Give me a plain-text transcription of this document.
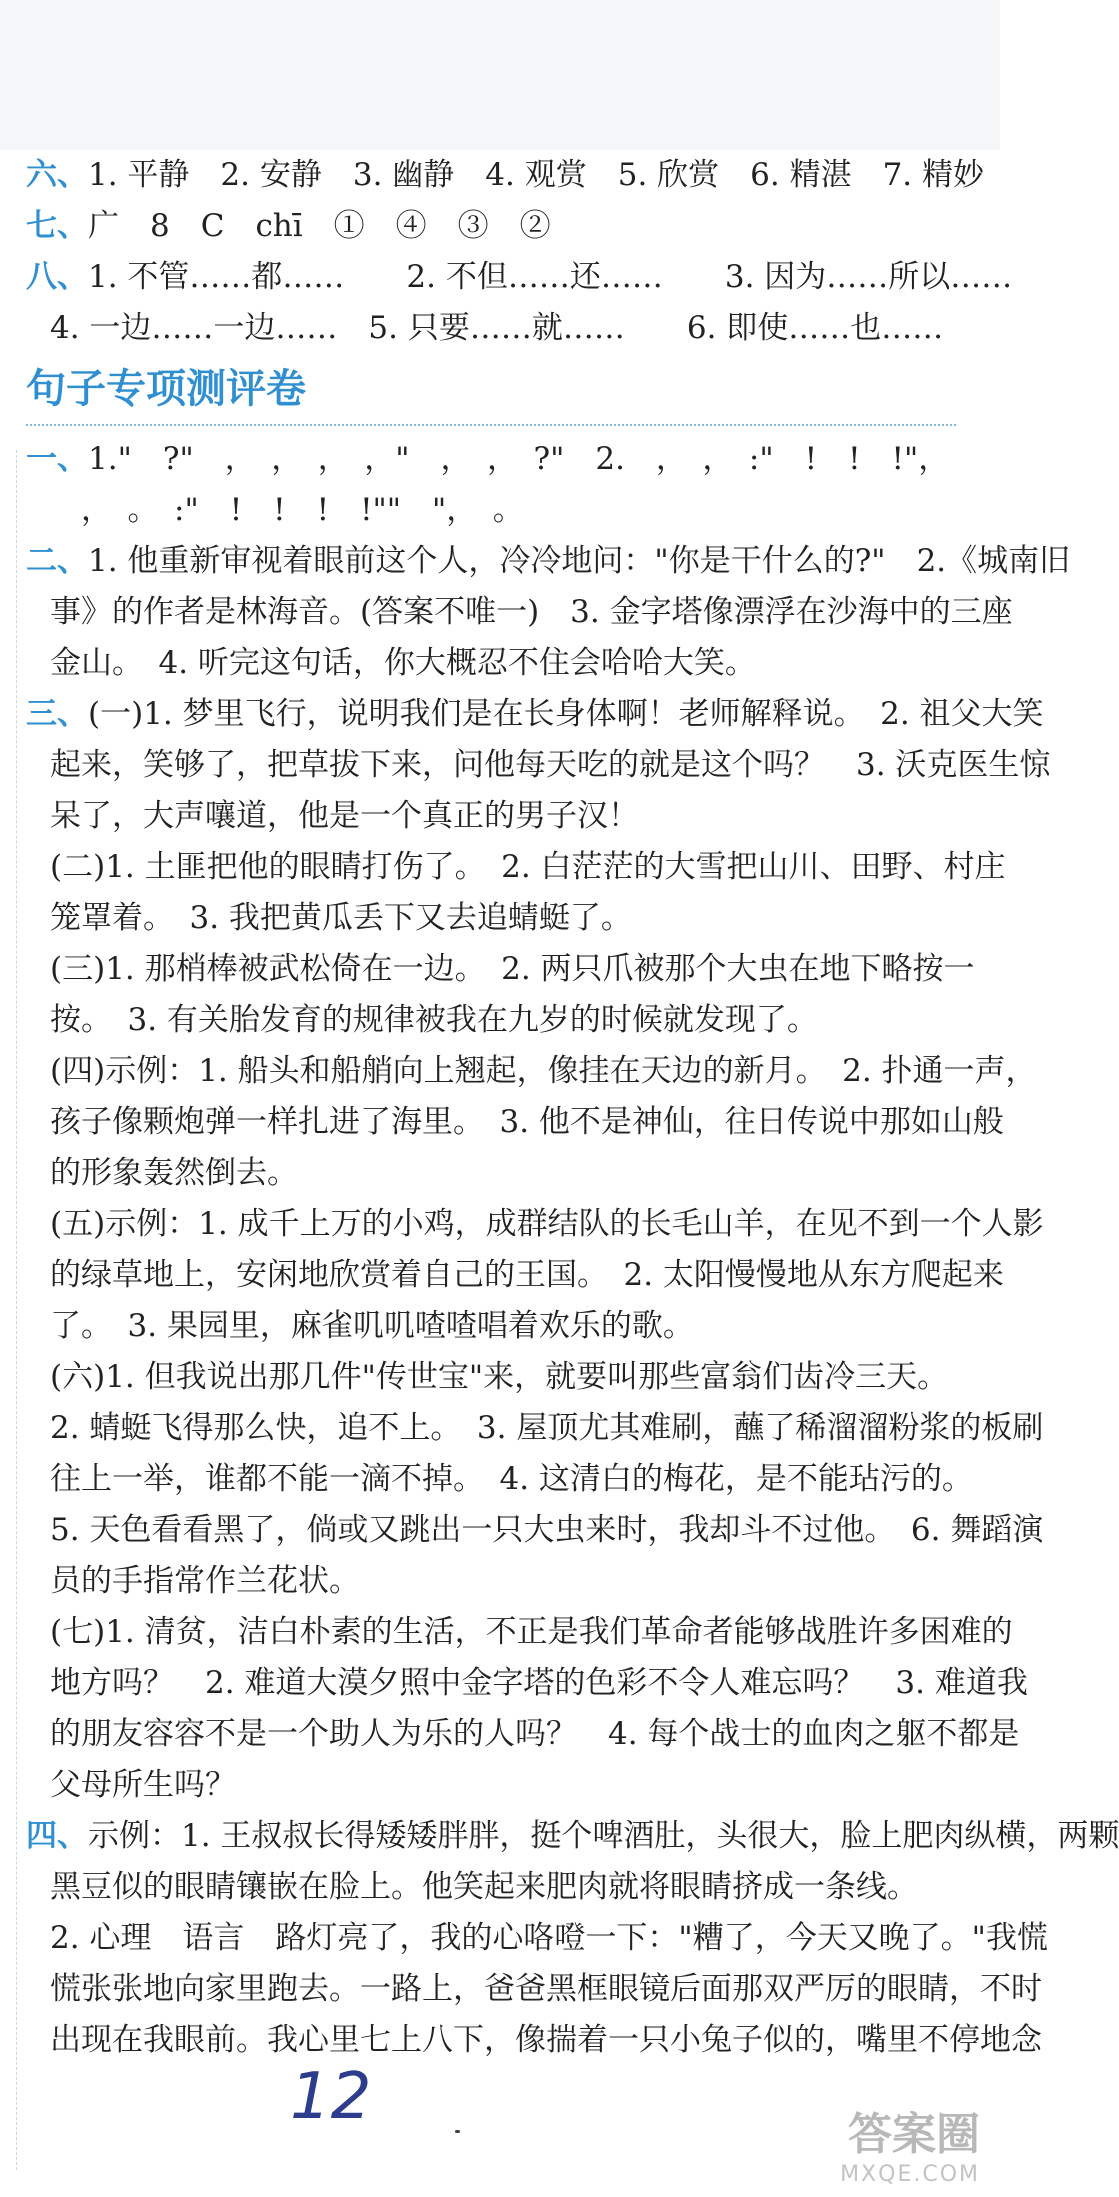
六、1. 平静　2. 安静　3. 幽静　4. 观赏　5. 欣赏　6. 精湛　7. 精妙
七、广　8　C　chī　①　④　③　②
八、1. 不管……都……　　2. 不但……还……　　3. 因为……所以……
4. 一边……一边……　5. 只要……就……　　6. 即使……也……
句子专项测评卷
一、1."　?"　，　，　，　，"　，　，　?"　2.　，　，　:"　!　!　!"，
　，　。　:"　!　!　!　!""　"，　。
二、1. 他重新审视着眼前这个人，冷冷地问："你是干什么的?"　2.《城南旧
事》的作者是林海音。(答案不唯一)　3. 金字塔像漂浮在沙海中的三座
金山。　4. 听完这句话，你大概忍不住会哈哈大笑。
三、(一)1. 梦里飞行，说明我们是在长身体啊！老师解释说。　2. 祖父大笑
起来，笑够了，把草拔下来，问他每天吃的就是这个吗？　3. 沃克医生惊
呆了，大声嚷道，他是一个真正的男子汉！
(二)1. 土匪把他的眼睛打伤了。　2. 白茫茫的大雪把山川、田野、村庄
笼罩着。　3. 我把黄瓜丢下又去追蜻蜓了。
(三)1. 那梢棒被武松倚在一边。　2. 两只爪被那个大虫在地下略按一
按。　3. 有关胎发育的规律被我在九岁的时候就发现了。
(四)示例：1. 船头和船艄向上翘起，像挂在天边的新月。　2. 扑通一声，
孩子像颗炮弹一样扎进了海里。　3. 他不是神仙，往日传说中那如山般
的形象轰然倒去。
(五)示例：1. 成千上万的小鸡，成群结队的长毛山羊，在见不到一个人影
的绿草地上，安闲地欣赏着自己的王国。　2. 太阳慢慢地从东方爬起来
了。　3. 果园里，麻雀叽叽喳喳唱着欢乐的歌。
(六)1. 但我说出那几件"传世宝"来，就要叫那些富翁们齿冷三天。
2. 蜻蜓飞得那么快，追不上。　3. 屋顶尤其难刷，蘸了稀溜溜粉浆的板刷
往上一举，谁都不能一滴不掉。　4. 这清白的梅花，是不能玷污的。
5. 天色看看黑了，倘或又跳出一只大虫来时，我却斗不过他。　6. 舞蹈演
员的手指常作兰花状。
(七)1. 清贫，洁白朴素的生活，不正是我们革命者能够战胜许多困难的
地方吗？　2. 难道大漠夕照中金字塔的色彩不令人难忘吗？　3. 难道我
的朋友容容不是一个助人为乐的人吗？　4. 每个战士的血肉之躯不都是
父母所生吗？
四、示例：1. 王叔叔长得矮矮胖胖，挺个啤酒肚，头很大，脸上肥肉纵横，两颗
黑豆似的眼睛镶嵌在脸上。他笑起来肥肉就将眼睛挤成一条线。
2. 心理　语言　路灯亮了，我的心咯噔一下："糟了，今天又晚了。"我慌
慌张张地向家里跑去。一路上，爸爸黑框眼镜后面那双严厉的眼睛，不时
出现在我眼前。我心里七上八下，像揣着一只小兔子似的，嘴里不停地念
12
答案圈
MXQE.COM
